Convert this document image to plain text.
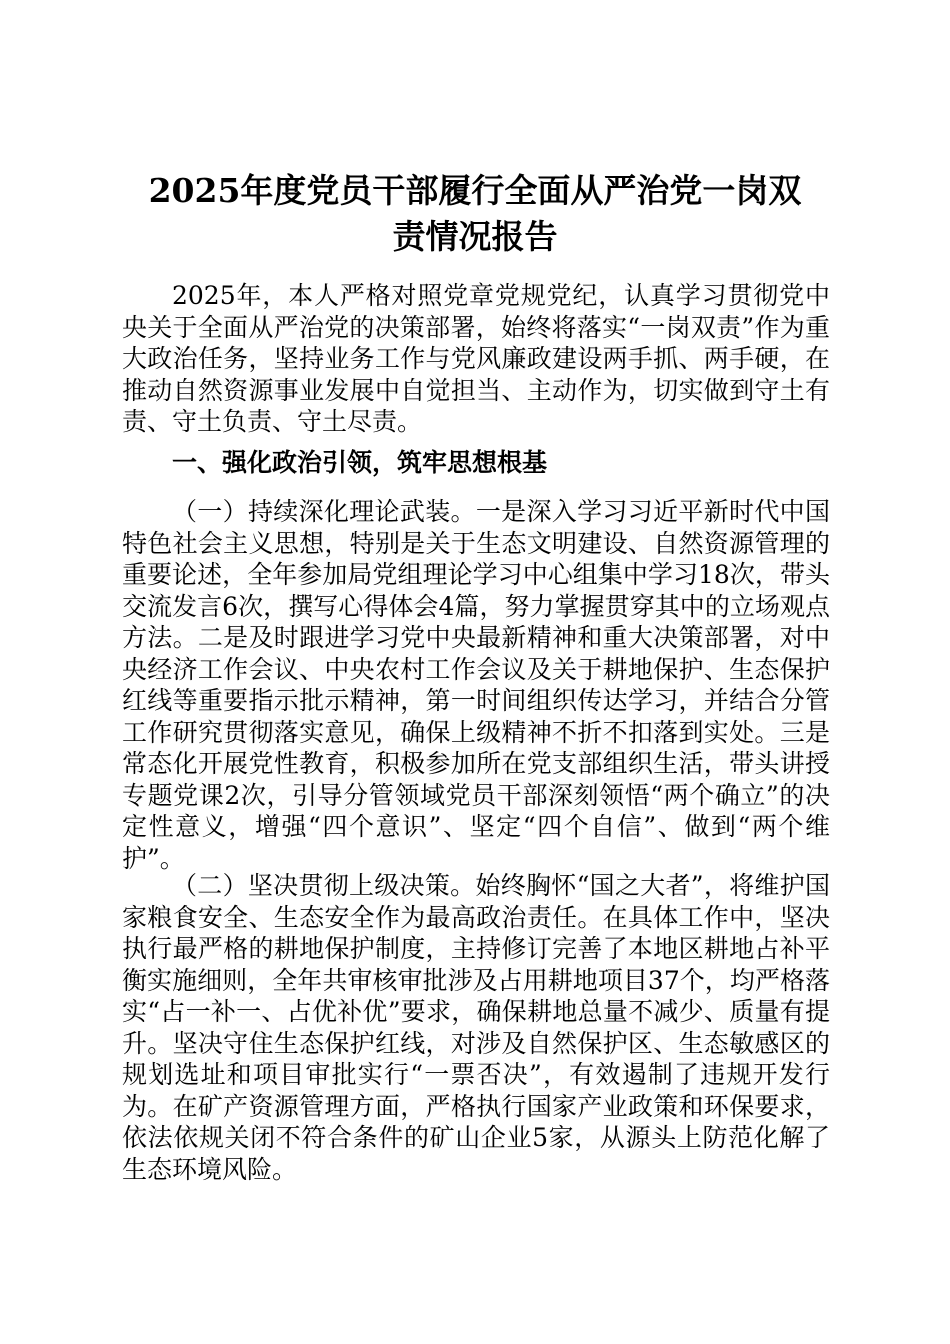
2025年度党员干部履行全面从严治党一岗双
责情况报告

2025年，本人严格对照党章党规党纪，认真学习贯彻党中央关于全面从严治党的决策部署，始终将落实“一岗双责”作为重大政治任务，坚持业务工作与党风廉政建设两手抓、两手硬，在推动自然资源事业发展中自觉担当、主动作为，切实做到守土有责、守土负责、守土尽责。

一、强化政治引领，筑牢思想根基

（一）持续深化理论武装。一是深入学习习近平新时代中国特色社会主义思想，特别是关于生态文明建设、自然资源管理的重要论述，全年参加局党组理论学习中心组集中学习18次，带头交流发言6次，撰写心得体会4篇，努力掌握贯穿其中的立场观点方法。二是及时跟进学习党中央最新精神和重大决策部署，对中央经济工作会议、中央农村工作会议及关于耕地保护、生态保护红线等重要指示批示精神，第一时间组织传达学习，并结合分管工作研究贯彻落实意见，确保上级精神不折不扣落到实处。三是常态化开展党性教育，积极参加所在党支部组织生活，带头讲授专题党课2次，引导分管领域党员干部深刻领悟“两个确立”的决定性意义，增强“四个意识”、坚定“四个自信”、做到“两个维护”。

（二）坚决贯彻上级决策。始终胸怀“国之大者”，将维护国家粮食安全、生态安全作为最高政治责任。在具体工作中，坚决执行最严格的耕地保护制度，主持修订完善了本地区耕地占补平衡实施细则，全年共审核审批涉及占用耕地项目37个，均严格落实“占一补一、占优补优”要求，确保耕地总量不减少、质量有提升。坚决守住生态保护红线，对涉及自然保护区、生态敏感区的规划选址和项目审批实行“一票否决”，有效遏制了违规开发行为。在矿产资源管理方面，严格执行国家产业政策和环保要求，依法依规关闭不符合条件的矿山企业5家，从源头上防范化解了生态环境风险。
